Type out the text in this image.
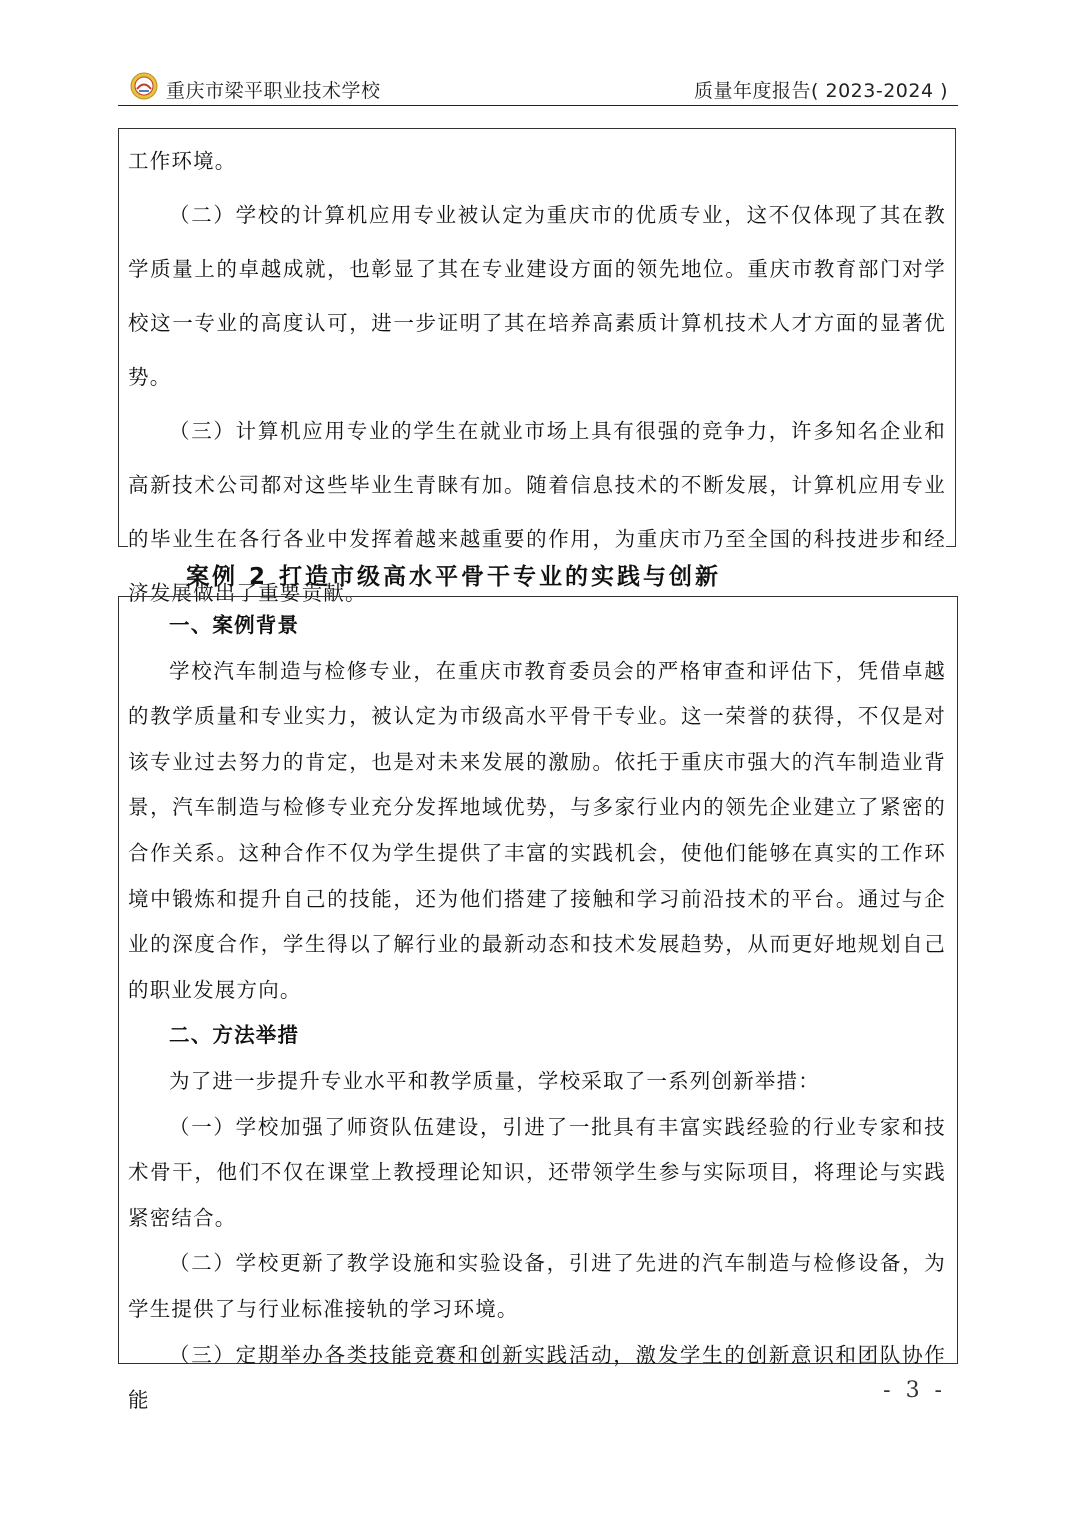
重庆市梁平职业技术学校	质量年度报告( 2023-2024 )

工作环境。

（二）学校的计算机应用专业被认定为重庆市的优质专业，这不仅体现了其在教学质量上的卓越成就，也彰显了其在专业建设方面的领先地位。重庆市教育部门对学校这一专业的高度认可，进一步证明了其在培养高素质计算机技术人才方面的显著优势。

（三）计算机应用专业的学生在就业市场上具有很强的竞争力，许多知名企业和高新技术公司都对这些毕业生青睐有加。随着信息技术的不断发展，计算机应用专业的毕业生在各行各业中发挥着越来越重要的作用，为重庆市乃至全国的科技进步和经济发展做出了重要贡献。

案例 2 打造市级高水平骨干专业的实践与创新

一、案例背景

学校汽车制造与检修专业，在重庆市教育委员会的严格审查和评估下，凭借卓越的教学质量和专业实力，被认定为市级高水平骨干专业。这一荣誉的获得，不仅是对该专业过去努力的肯定，也是对未来发展的激励。依托于重庆市强大的汽车制造业背景，汽车制造与检修专业充分发挥地域优势，与多家行业内的领先企业建立了紧密的合作关系。这种合作不仅为学生提供了丰富的实践机会，使他们能够在真实的工作环境中锻炼和提升自己的技能，还为他们搭建了接触和学习前沿技术的平台。通过与企业的深度合作，学生得以了解行业的最新动态和技术发展趋势，从而更好地规划自己的职业发展方向。

二、方法举措

为了进一步提升专业水平和教学质量，学校采取了一系列创新举措：

（一）学校加强了师资队伍建设，引进了一批具有丰富实践经验的行业专家和技术骨干，他们不仅在课堂上教授理论知识，还带领学生参与实际项目，将理论与实践紧密结合。

（二）学校更新了教学设施和实验设备，引进了先进的汽车制造与检修设备，为学生提供了与行业标准接轨的学习环境。

（三）定期举办各类技能竞赛和创新实践活动，激发学生的创新意识和团队协作能	- 3 -
